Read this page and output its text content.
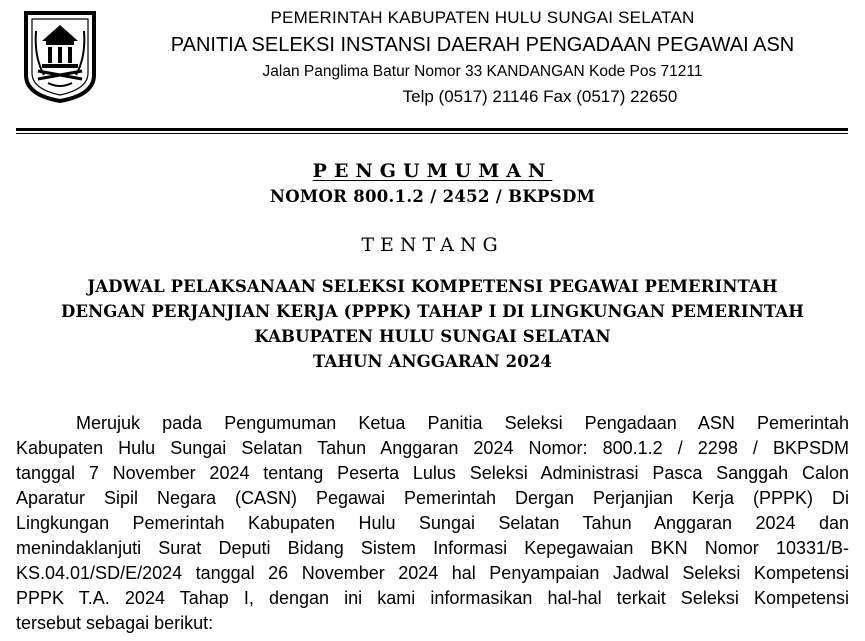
PEMERINTAH KABUPATEN HULU SUNGAI SELATAN
PANITIA SELEKSI INSTANSI DAERAH PENGADAAN PEGAWAI ASN
Jalan Panglima Batur Nomor 33 KANDANGAN Kode Pos 71211
Telp (0517) 21146 Fax (0517) 22650
PENGUMUMAN
NOMOR 800.1.2 / 2452 / BKPSDM
TENTANG
JADWAL PELAKSANAAN SELEKSI KOMPETENSI PEGAWAI PEMERINTAH
DENGAN PERJANJIAN KERJA (PPPK) TAHAP I DI LINGKUNGAN PEMERINTAH
KABUPATEN HULU SUNGAI SELATAN
TAHUN ANGGARAN 2024
Merujuk pada Pengumuman Ketua Panitia Seleksi Pengadaan ASN Pemerintah
Kabupaten Hulu Sungai Selatan Tahun Anggaran 2024 Nomor: 800.1.2 / 2298 / BKPSDM
tanggal 7 November 2024 tentang Peserta Lulus Seleksi Administrasi Pasca Sanggah Calon
Aparatur Sipil Negara (CASN) Pegawai Pemerintah Dergan Perjanjian Kerja (PPPK) Di
Lingkungan Pemerintah Kabupaten Hulu Sungai Selatan Tahun Anggaran 2024 dan
menindaklanjuti Surat Deputi Bidang Sistem Informasi Kepegawaian BKN Nomor 10331/B-
KS.04.01/SD/E/2024 tanggal 26 November 2024 hal Penyampaian Jadwal Seleksi Kompetensi
PPPK T.A. 2024 Tahap I, dengan ini kami informasikan hal-hal terkait Seleksi Kompetensi
tersebut sebagai berikut:
